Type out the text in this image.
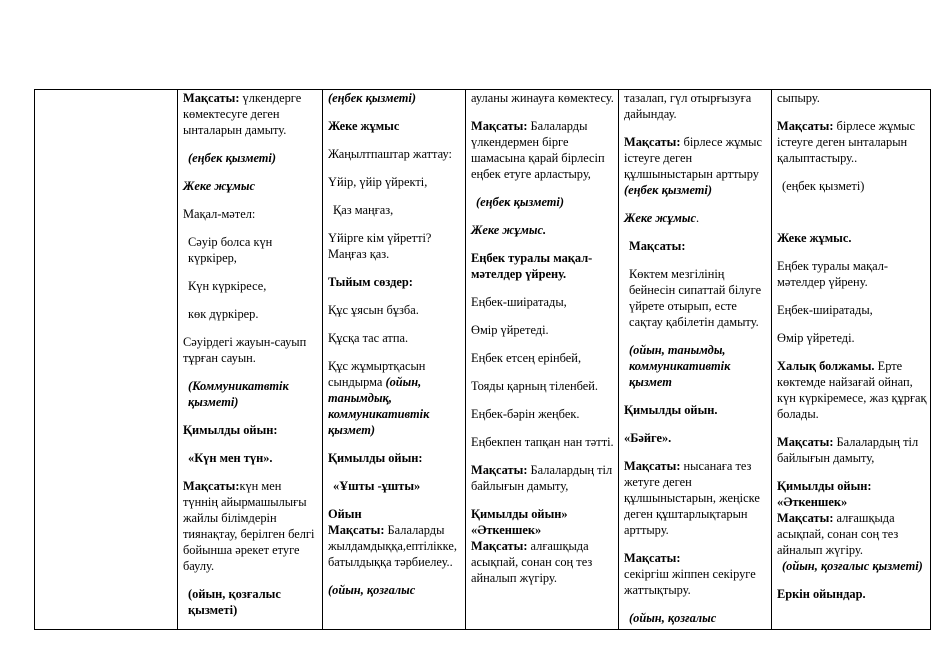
Мақсаты: үлкендерге көмектесуге деген ынталарын дамыту.

(еңбек қызметі)

Жеке жұмыс

Мақал-мәтел:

Сәуір болса күн күркірер,

Күн күркіресе,

көк дүркірер.

Сәуірдегі жауын-сауып тұрған сауын.

(Коммуникатвтік қызметі)

Қимылды ойын:

«Күн мен түн».

Мақсаты:күн мен түннің айырмашылығы жайлы білімдерін тиянақтау, берілген белгі бойынша әрекет етуге баулу.

(ойын, қозғалыс қызметі)

(еңбек қызметі)

Жеке жұмыс

Жаңылтпаштар жаттау:

Үйір, үйір үйректі,

Қаз маңғаз,

Үйірге кім үйретті? Маңғаз қаз.

Тыйым сөздер:

Құс ұясын бұзба.

Құсқа тас атпа.

Құс жұмыртқасын сындырма (ойын, танымдық, коммуникативтік қызмет)

Қимылды ойын:

«Ұшты -ұшты»

Ойын

Мақсаты: Балаларды жылдамдыққа,ептілікке, батылдыққа тәрбиелеу..

(ойын, қозғалыс

ауланы жинауға көмектесу.

Мақсаты: Балаларды үлкендермен бірге шамасына қарай бірлесіп еңбек етуге арластыру,

(еңбек қызметі)

Жеке жұмыс.

Еңбек туралы мақал-мәтелдер үйрену.

Еңбек-шиіратады,

Өмір үйретеді.

Еңбек етсең ерінбей,

Тояды қарның тіленбей.

Еңбек-бәрін жеңбек.

Еңбекпен тапқан нан тәтті.

Мақсаты: Балалардың тіл байлығын дамыту,

Қимылды ойын»

«Әткеншек»

Мақсаты: алғашқыда асықпай, сонан соң тез айналып жүгіру.

тазалап, гүл отырғызуға дайындау.

Мақсаты: бірлесе жұмыс істеуге деген құлшыныстарын арттыру (еңбек қызметі)

Жеке жұмыс.

Мақсаты:

Көктем мезгілінің бейнесін сипаттай білуге үйрете отырып, есте сақтау қабілетін дамыту.

(ойын, танымды, коммуникативтік қызмет

Қимылды ойын.

«Бәйге».

Мақсаты: нысанаға тез жетуге деген құлшыныстарын, жеңіске деген құштарлықтарын арттыру.

Мақсаты:

секіргіш жіппен секіруге жаттықтыру.

(ойын, қозғалыс

сыпыру.

Мақсаты: бірлесе жұмыс істеуге деген ынталарын қалыптастыру..

(еңбек қызметі)

Жеке жұмыс.

Еңбек туралы мақал-мәтелдер үйрену.

Еңбек-шиіратады,

Өмір үйретеді.

Халық болжамы. Ерте көктемде найзағай ойнап, күн күркіремесе, жаз құрғақ болады.

Мақсаты: Балалардың тіл байлығын дамыту,

Қимылды ойын:

«Әткеншек»

Мақсаты: алғашқыда асықпай, сонан соң тез айналып жүгіру.

(ойын, қозғалыс қызметі)

Еркін ойындар.
